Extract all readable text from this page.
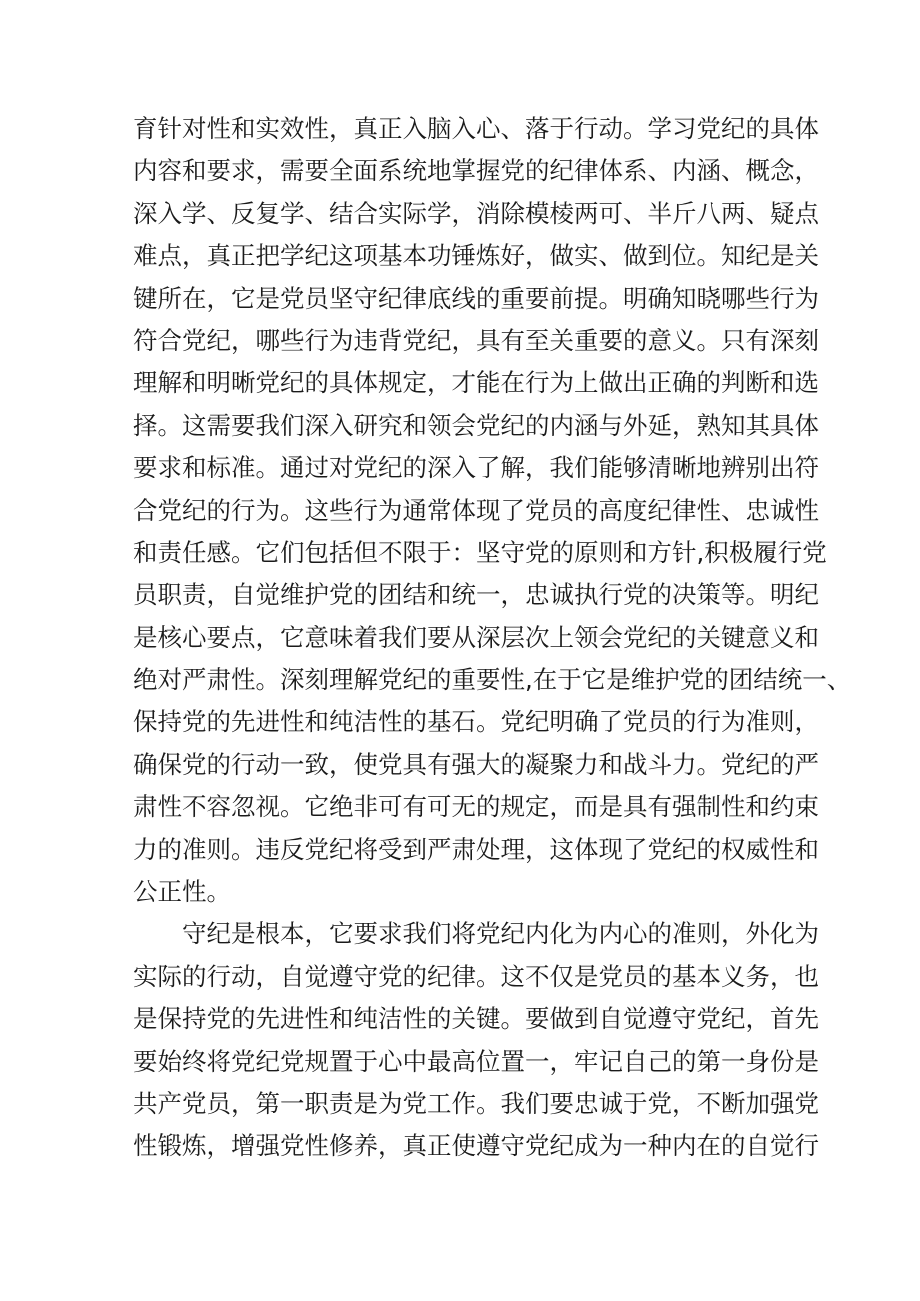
育针对性和实效性，真正入脑入心、落于行动。学习党纪的具体
内容和要求，需要全面系统地掌握党的纪律体系、内涵、概念，
深入学、反复学、结合实际学，消除模棱两可、半斤八两、疑点
难点，真正把学纪这项基本功锤炼好，做实、做到位。知纪是关
键所在，它是党员坚守纪律底线的重要前提。明确知晓哪些行为
符合党纪，哪些行为违背党纪，具有至关重要的意义。只有深刻
理解和明晰党纪的具体规定，才能在行为上做出正确的判断和选
择。这需要我们深入研究和领会党纪的内涵与外延，熟知其具体
要求和标准。通过对党纪的深入了解，我们能够清晰地辨别出符
合党纪的行为。这些行为通常体现了党员的高度纪律性、忠诚性
和责任感。它们包括但不限于：坚守党的原则和方针,积极履行党
员职责，自觉维护党的团结和统一，忠诚执行党的决策等。明纪
是核心要点，它意味着我们要从深层次上领会党纪的关键意义和
绝对严肃性。深刻理解党纪的重要性,在于它是维护党的团结统一、
保持党的先进性和纯洁性的基石。党纪明确了党员的行为准则，
确保党的行动一致，使党具有强大的凝聚力和战斗力。党纪的严
肃性不容忽视。它绝非可有可无的规定，而是具有强制性和约束
力的准则。违反党纪将受到严肃处理，这体现了党纪的权威性和
公正性。
守纪是根本，它要求我们将党纪内化为内心的准则，外化为
实际的行动，自觉遵守党的纪律。这不仅是党员的基本义务，也
是保持党的先进性和纯洁性的关键。要做到自觉遵守党纪，首先
要始终将党纪党规置于心中最高位置一，牢记自己的第一身份是
共产党员，第一职责是为党工作。我们要忠诚于党，不断加强党
性锻炼，增强党性修养，真正使遵守党纪成为一种内在的自觉行
